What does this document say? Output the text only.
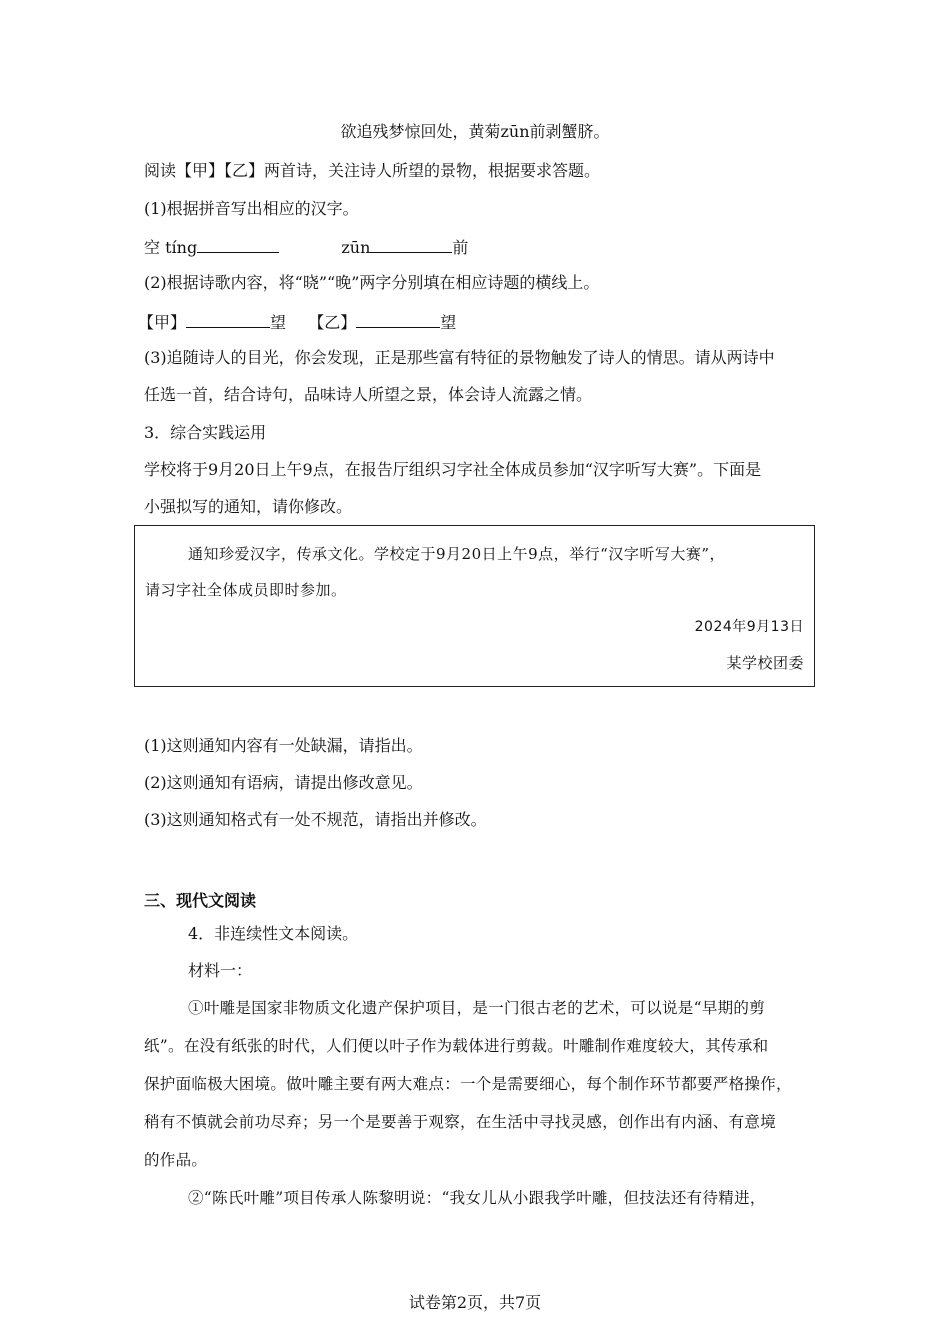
欲追残梦惊回处，黄菊zūn前剥蟹脐。
阅读【甲】【乙】两首诗，关注诗人所望的景物，根据要求答题。
(1)根据拼音写出相应的汉字。
空 tíng	zūn	前
(2)根据诗歌内容，将“晓”“晚”两字分别填在相应诗题的横线上。
【甲】	望 【乙】	望
(3)追随诗人的目光，你会发现，正是那些富有特征的景物触发了诗人的情思。请从两诗中
任选一首，结合诗句，品味诗人所望之景，体会诗人流露之情。
3．综合实践运用
学校将于9月20日上午9点，在报告厅组织习字社全体成员参加“汉字听写大赛”。下面是
小强拟写的通知，请你修改。
通知珍爱汉字，传承文化。学校定于9月20日上午9点，举行“汉字听写大赛”，
请习字社全体成员即时参加。
2024年9月13日
某学校团委
(1)这则通知内容有一处缺漏，请指出。
(2)这则通知有语病，请提出修改意见。
(3)这则通知格式有一处不规范，请指出并修改。
三、现代文阅读
4．非连续性文本阅读。
材料一：
①叶雕是国家非物质文化遗产保护项目，是一门很古老的艺术，可以说是“早期的剪
纸”。在没有纸张的时代，人们便以叶子作为载体进行剪裁。叶雕制作难度较大，其传承和
保护面临极大困境。做叶雕主要有两大难点：一个是需要细心，每个制作环节都要严格操作，
稍有不慎就会前功尽弃；另一个是要善于观察，在生活中寻找灵感，创作出有内涵、有意境
的作品。
②“陈氏叶雕”项目传承人陈黎明说：“我女儿从小跟我学叶雕，但技法还有待精进，
试卷第2页，共7页
